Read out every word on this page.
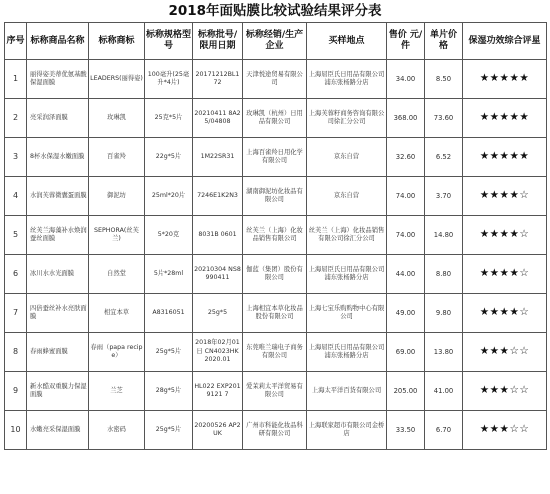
2018年面贴膜比较试验结果评分表
序号	标称商品名称	标称商标	标称规格型号	标称批号/限用日期	标称经销/生产企业	买样地点	售价 元/件	单片价格	保湿功效综合评星
1	丽得姿美蒂优氨基酸保湿面膜	LEADERS(丽得姿)	100毫升(25毫升*4片)	20171212BL172	天津悦途贸易有限公司	上海屈臣氏日用品有限公司浦东张杨路分店	34.00	8.50	★★★★★
2	亮采润泽面膜	玫琳凯	25克*5片	20210411 8A25/04808	玫琳凯（杭州）日用品有限公司	上海芙蓉籽商务咨询有限公司徐汇分公司	368.00	73.60	★★★★★
3	8杯水保湿水嫩面膜	百雀羚	22g*5片	1M22SR31	上海百雀羚日用化学有限公司	京东自营	32.60	6.52	★★★★★
4	水润芙蓉微囊蛋面膜	御泥坊	25ml*20片	7246E1K2N3	湖南御泥坊化妆品有限公司	京东自营	74.00	3.70	★★★★☆
5	丝芙兰海藻补水焕润蚕丝面膜	SEPHORA(丝芙兰)	5*20克	8031B 0601	丝芙兰（上海）化妆品销售有限公司	丝芙兰（上海）化妆品销售有限公司徐汇分公司	74.00	14.80	★★★★☆
6	冰川水水光面膜	自然堂	5片*28ml	20210304 NS8990411	伽蓝（集团）股份有限公司	上海屈臣氏日用品有限公司浦东张杨路分店	44.00	8.80	★★★★☆
7	四倍蚕丝补水亮肤面膜	相宜本草	A8316051	25g*5	上海相宜本草化妆品股份有限公司	上海七宝乐购购物中心有限公司	49.00	9.80	★★★★☆
8	春雨蜂蜜面膜	春雨（papa recipe）	25g*5片	2018年02月01日 CN4023HK 2020.01	东莞唯兰瑞电子商务有限公司	上海屈臣氏日用品有限公司浦东张杨路分店	69.00	13.80	★★★☆☆
9	新水酷双重膜力保湿面膜	兰芝	28g*5片	HL022 EXP2019121 7	爱茉莉太平洋贸易有限公司	上海太平洋百货有限公司	205.00	41.00	★★★☆☆
10	水嫩亮采保湿面膜	水密码	25g*5片	20200526 AP2UK	广州市科能化妆品科研有限公司	上海联家超市有限公司金桥店	33.50	6.70	★★★☆☆
